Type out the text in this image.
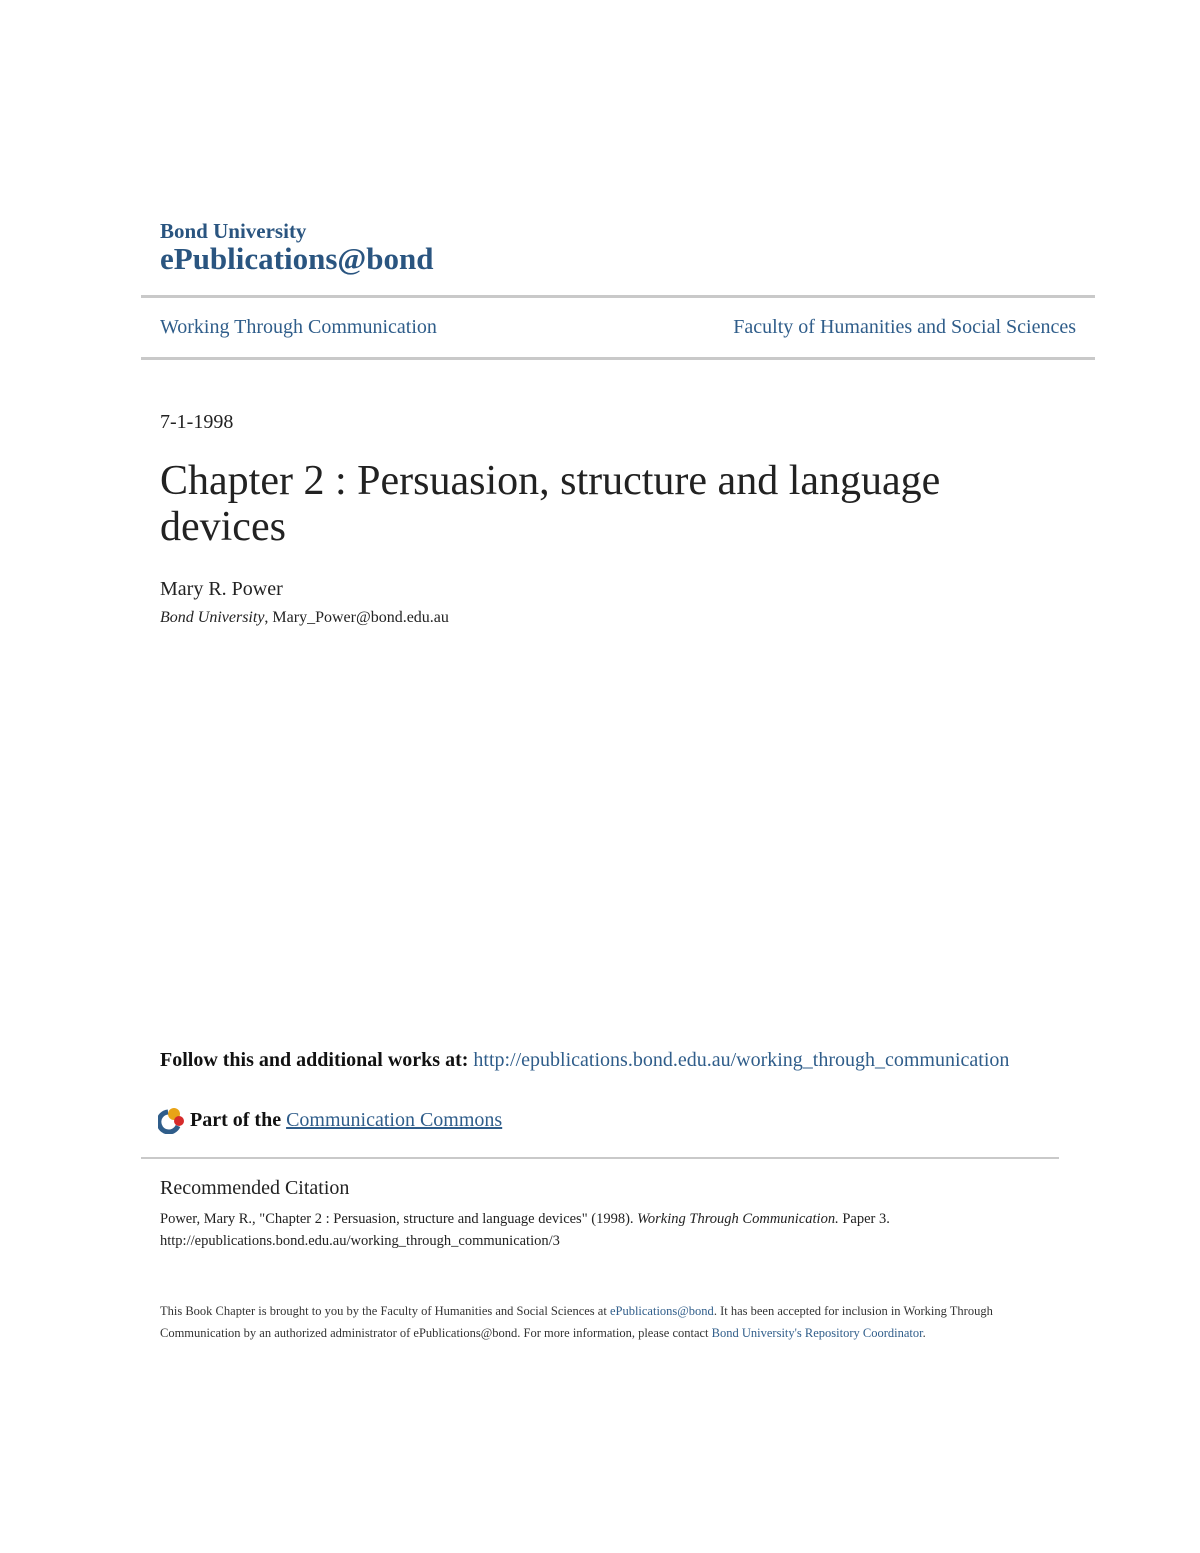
Bond University
ePublications@bond
Working Through Communication	Faculty of Humanities and Social Sciences
7-1-1998
Chapter 2 : Persuasion, structure and language devices
Mary R. Power
Bond University, Mary_Power@bond.edu.au
Follow this and additional works at: http://epublications.bond.edu.au/working_through_communication
Part of the
Communication Commons
Recommended Citation
Power, Mary R., "Chapter 2 : Persuasion, structure and language devices" (1998). Working Through Communication. Paper 3.
http://epublications.bond.edu.au/working_through_communication/3
This Book Chapter is brought to you by the Faculty of Humanities and Social Sciences at ePublications@bond. It has been accepted for inclusion in Working Through Communication by an authorized administrator of ePublications@bond. For more information, please contact Bond University's Repository Coordinator.
